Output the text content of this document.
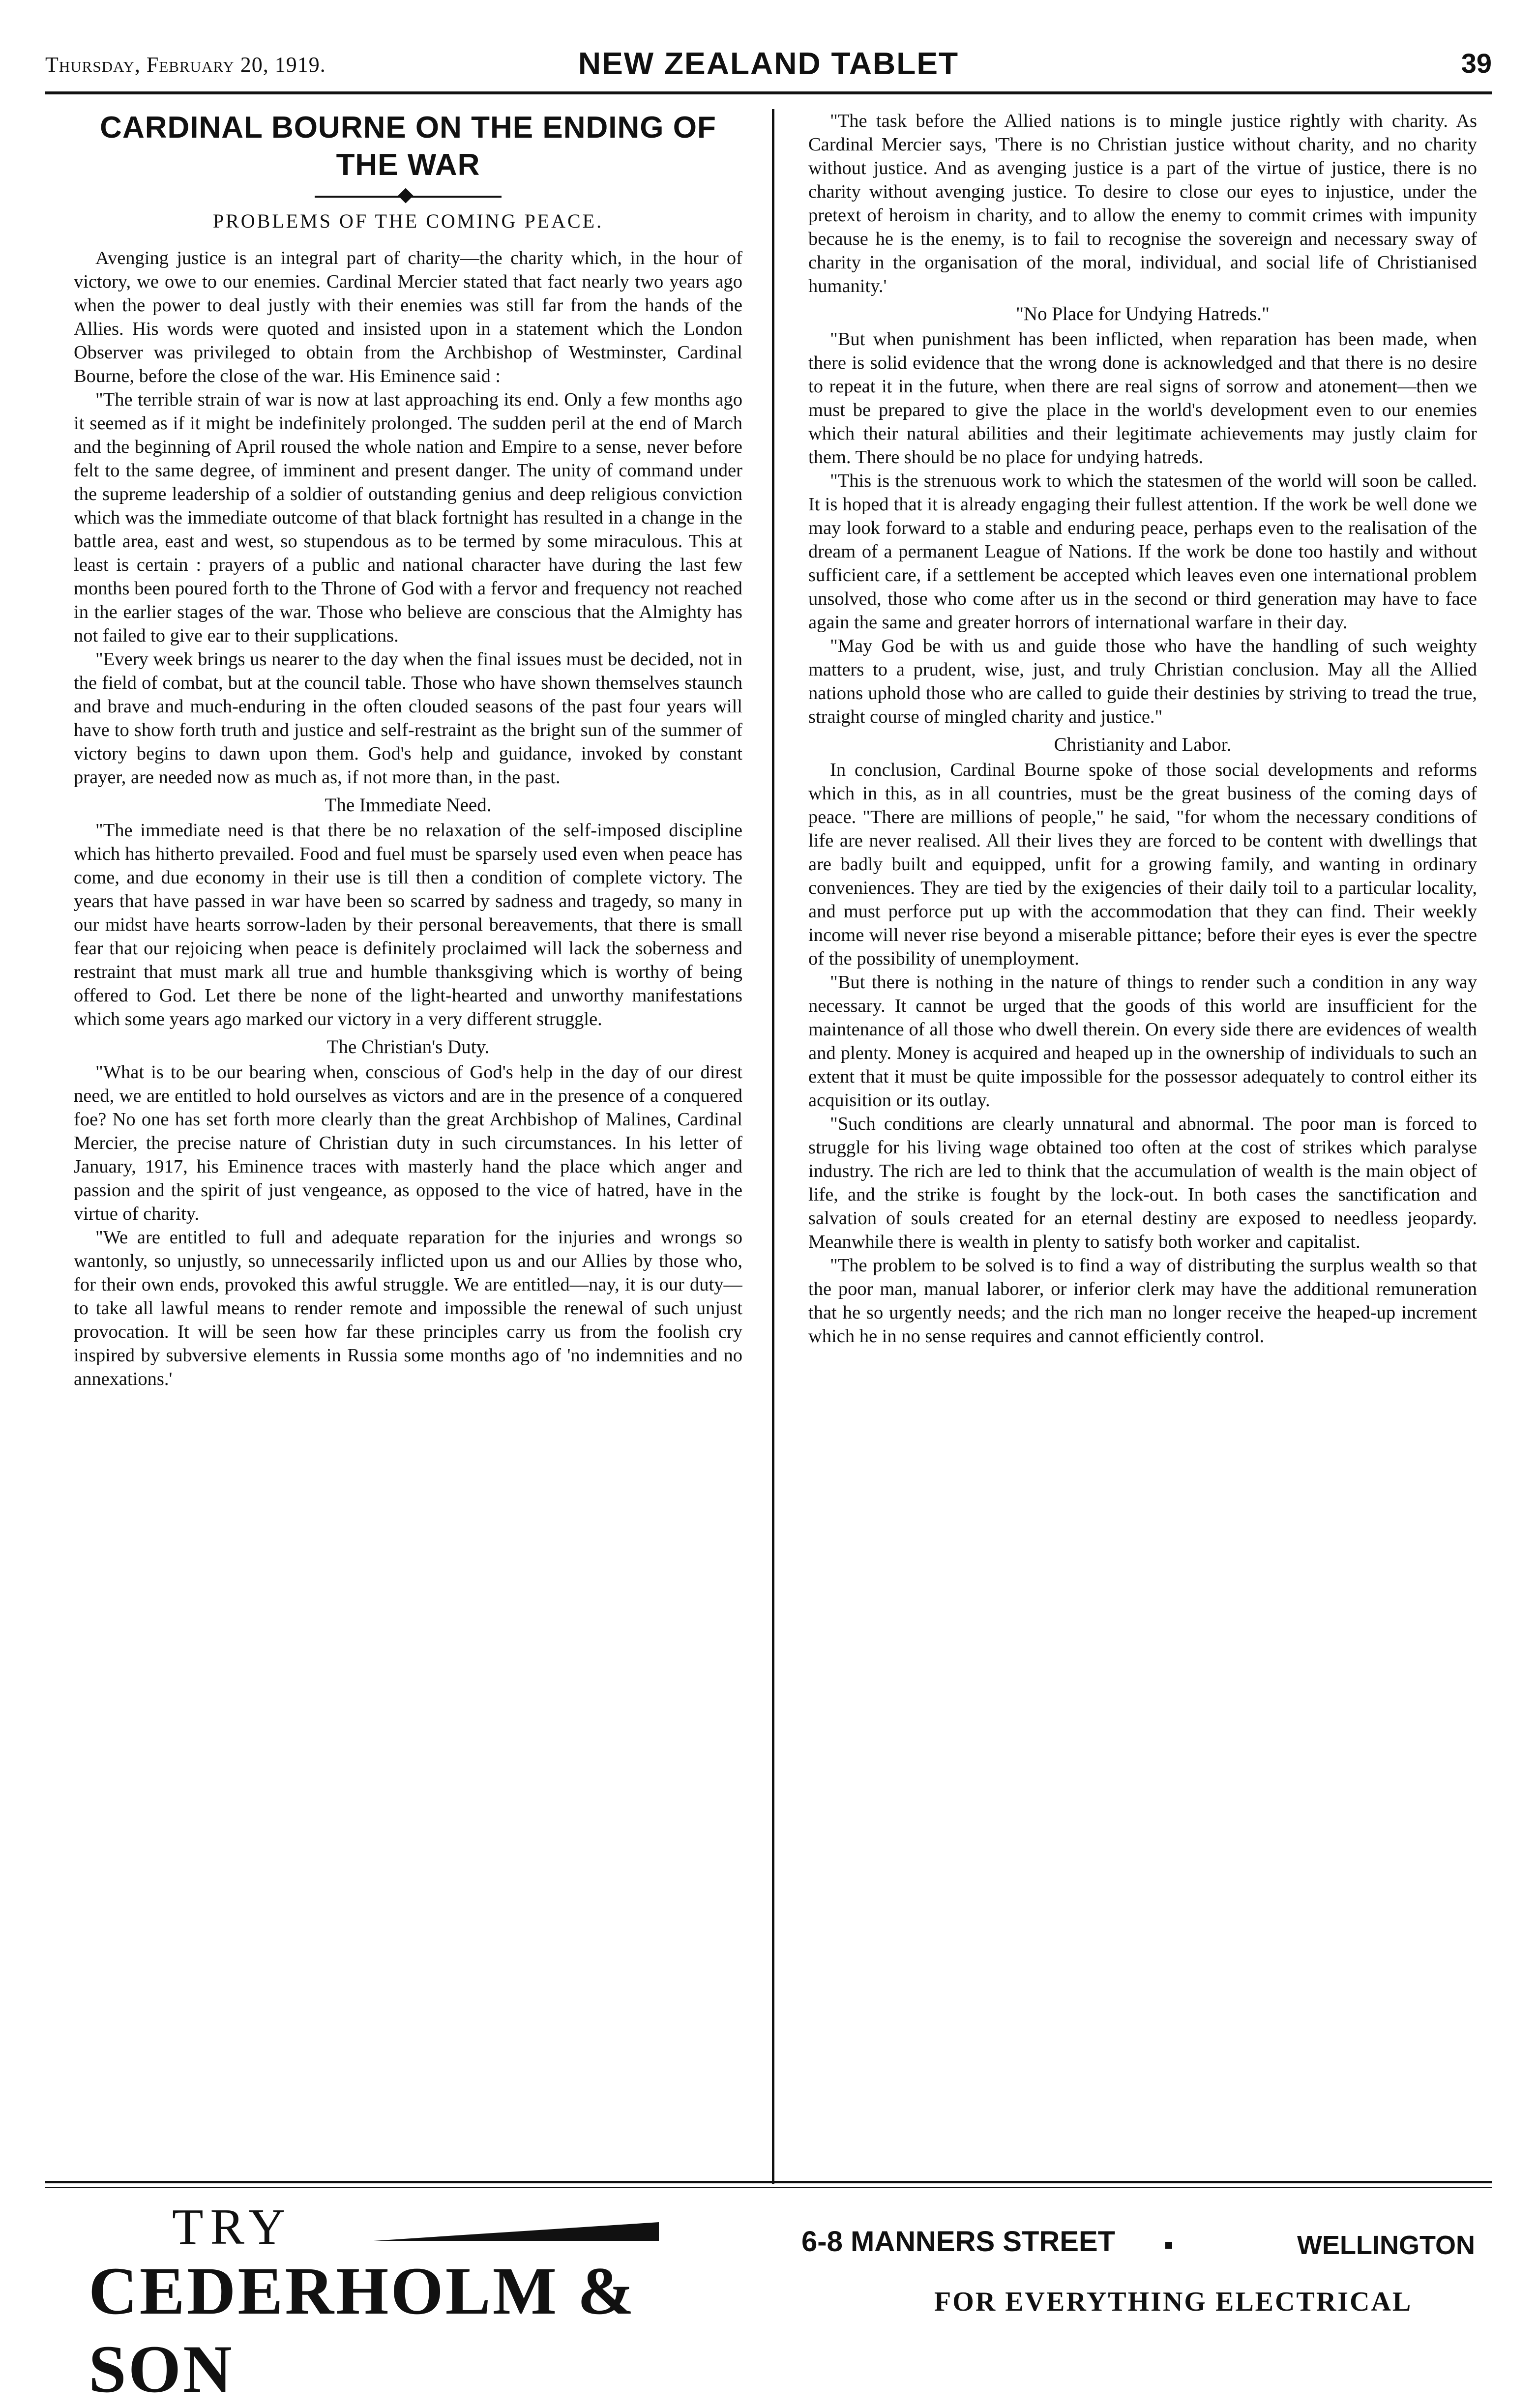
Thursday, February 20, 1919.	NEW ZEALAND TABLET	39
CARDINAL BOURNE ON THE ENDING OF THE WAR
PROBLEMS OF THE COMING PEACE.

Avenging justice is an integral part of charity—the charity which, in the hour of victory, we owe to our enemies. Cardinal Mercier stated that fact nearly two years ago when the power to deal justly with their enemies was still far from the hands of the Allies. His words were quoted and insisted upon in a statement which the London Observer was privileged to obtain from the Archbishop of Westminster, Cardinal Bourne, before the close of the war. His Eminence said :

"The terrible strain of war is now at last approaching its end. Only a few months ago it seemed as if it might be indefinitely prolonged. The sudden peril at the end of March and the beginning of April roused the whole nation and Empire to a sense, never before felt to the same degree, of imminent and present danger. The unity of command under the supreme leadership of a soldier of outstanding genius and deep religious conviction which was the immediate outcome of that black fortnight has resulted in a change in the battle area, east and west, so stupendous as to be termed by some miraculous. This at least is certain : prayers of a public and national character have during the last few months been poured forth to the Throne of God with a fervor and frequency not reached in the earlier stages of the war. Those who believe are conscious that the Almighty has not failed to give ear to their supplications.

"Every week brings us nearer to the day when the final issues must be decided, not in the field of combat, but at the council table. Those who have shown themselves staunch and brave and much-enduring in the often clouded seasons of the past four years will have to show forth truth and justice and self-restraint as the bright sun of the summer of victory begins to dawn upon them. God's help and guidance, invoked by constant prayer, are needed now as much as, if not more than, in the past.

The Immediate Need.

"The immediate need is that there be no relaxation of the self-imposed discipline which has hitherto prevailed. Food and fuel must be sparsely used even when peace has come, and due economy in their use is till then a condition of complete victory. The years that have passed in war have been so scarred by sadness and tragedy, so many in our midst have hearts sorrow-laden by their personal bereavements, that there is small fear that our rejoicing when peace is definitely proclaimed will lack the soberness and restraint that must mark all true and humble thanksgiving which is worthy of being offered to God. Let there be none of the light-hearted and unworthy manifestations which some years ago marked our victory in a very different struggle.

The Christian's Duty.

"What is to be our bearing when, conscious of God's help in the day of our direst need, we are entitled to hold ourselves as victors and are in the presence of a conquered foe? No one has set forth more clearly than the great Archbishop of Malines, Cardinal Mercier, the precise nature of Christian duty in such circumstances. In his letter of January, 1917, his Eminence traces with masterly hand the place which anger and passion and the spirit of just vengeance, as opposed to the vice of hatred, have in the virtue of charity.

"We are entitled to full and adequate reparation for the injuries and wrongs so wantonly, so unjustly, so unnecessarily inflicted upon us and our Allies by those who, for their own ends, provoked this awful struggle. We are entitled—nay, it is our duty—to take all lawful means to render remote and impossible the renewal of such unjust provocation. It will be seen how far these principles carry us from the foolish cry inspired by subversive elements in Russia some months ago of 'no indemnities and no annexations.'

"The task before the Allied nations is to mingle justice rightly with charity. As Cardinal Mercier says, 'There is no Christian justice without charity, and no charity without justice. And as avenging justice is a part of the virtue of justice, there is no charity without avenging justice. To desire to close our eyes to injustice, under the pretext of heroism in charity, and to allow the enemy to commit crimes with impunity because he is the enemy, is to fail to recognise the sovereign and necessary sway of charity in the organisation of the moral, individual, and social life of Christianised humanity.'

"No Place for Undying Hatreds."

"But when punishment has been inflicted, when reparation has been made, when there is solid evidence that the wrong done is acknowledged and that there is no desire to repeat it in the future, when there are real signs of sorrow and atonement—then we must be prepared to give the place in the world's development even to our enemies which their natural abilities and their legitimate achievements may justly claim for them. There should be no place for undying hatreds.

"This is the strenuous work to which the statesmen of the world will soon be called. It is hoped that it is already engaging their fullest attention. If the work be well done we may look forward to a stable and enduring peace, perhaps even to the realisation of the dream of a permanent League of Nations. If the work be done too hastily and without sufficient care, if a settlement be accepted which leaves even one international problem unsolved, those who come after us in the second or third generation may have to face again the same and greater horrors of international warfare in their day.

"May God be with us and guide those who have the handling of such weighty matters to a prudent, wise, just, and truly Christian conclusion. May all the Allied nations uphold those who are called to guide their destinies by striving to tread the true, straight course of mingled charity and justice."

Christianity and Labor.

In conclusion, Cardinal Bourne spoke of those social developments and reforms which in this, as in all countries, must be the great business of the coming days of peace. "There are millions of people," he said, "for whom the necessary conditions of life are never realised. All their lives they are forced to be content with dwellings that are badly built and equipped, unfit for a growing family, and wanting in ordinary conveniences. They are tied by the exigencies of their daily toil to a particular locality, and must perforce put up with the accommodation that they can find. Their weekly income will never rise beyond a miserable pittance; before their eyes is ever the spectre of the possibility of unemployment.

"But there is nothing in the nature of things to render such a condition in any way necessary. It cannot be urged that the goods of this world are insufficient for the maintenance of all those who dwell therein. On every side there are evidences of wealth and plenty. Money is acquired and heaped up in the ownership of individuals to such an extent that it must be quite impossible for the possessor adequately to control either its acquisition or its outlay.

"Such conditions are clearly unnatural and abnormal. The poor man is forced to struggle for his living wage obtained too often at the cost of strikes which paralyse industry. The rich are led to think that the accumulation of wealth is the main object of life, and the strike is fought by the lock-out. In both cases the sanctification and salvation of souls created for an eternal destiny are exposed to needless jeopardy. Meanwhile there is wealth in plenty to satisfy both worker and capitalist.

"The problem to be solved is to find a way of distributing the surplus wealth so that the poor man, manual laborer, or inferior clerk may have the additional remuneration that he so urgently needs; and the rich man no longer receive the heaped-up increment which he in no sense requires and cannot efficiently control.

TRY
CEDERHOLM & SON
6-8 MANNERS STREET	WELLINGTON
FOR EVERYTHING ELECTRICAL
